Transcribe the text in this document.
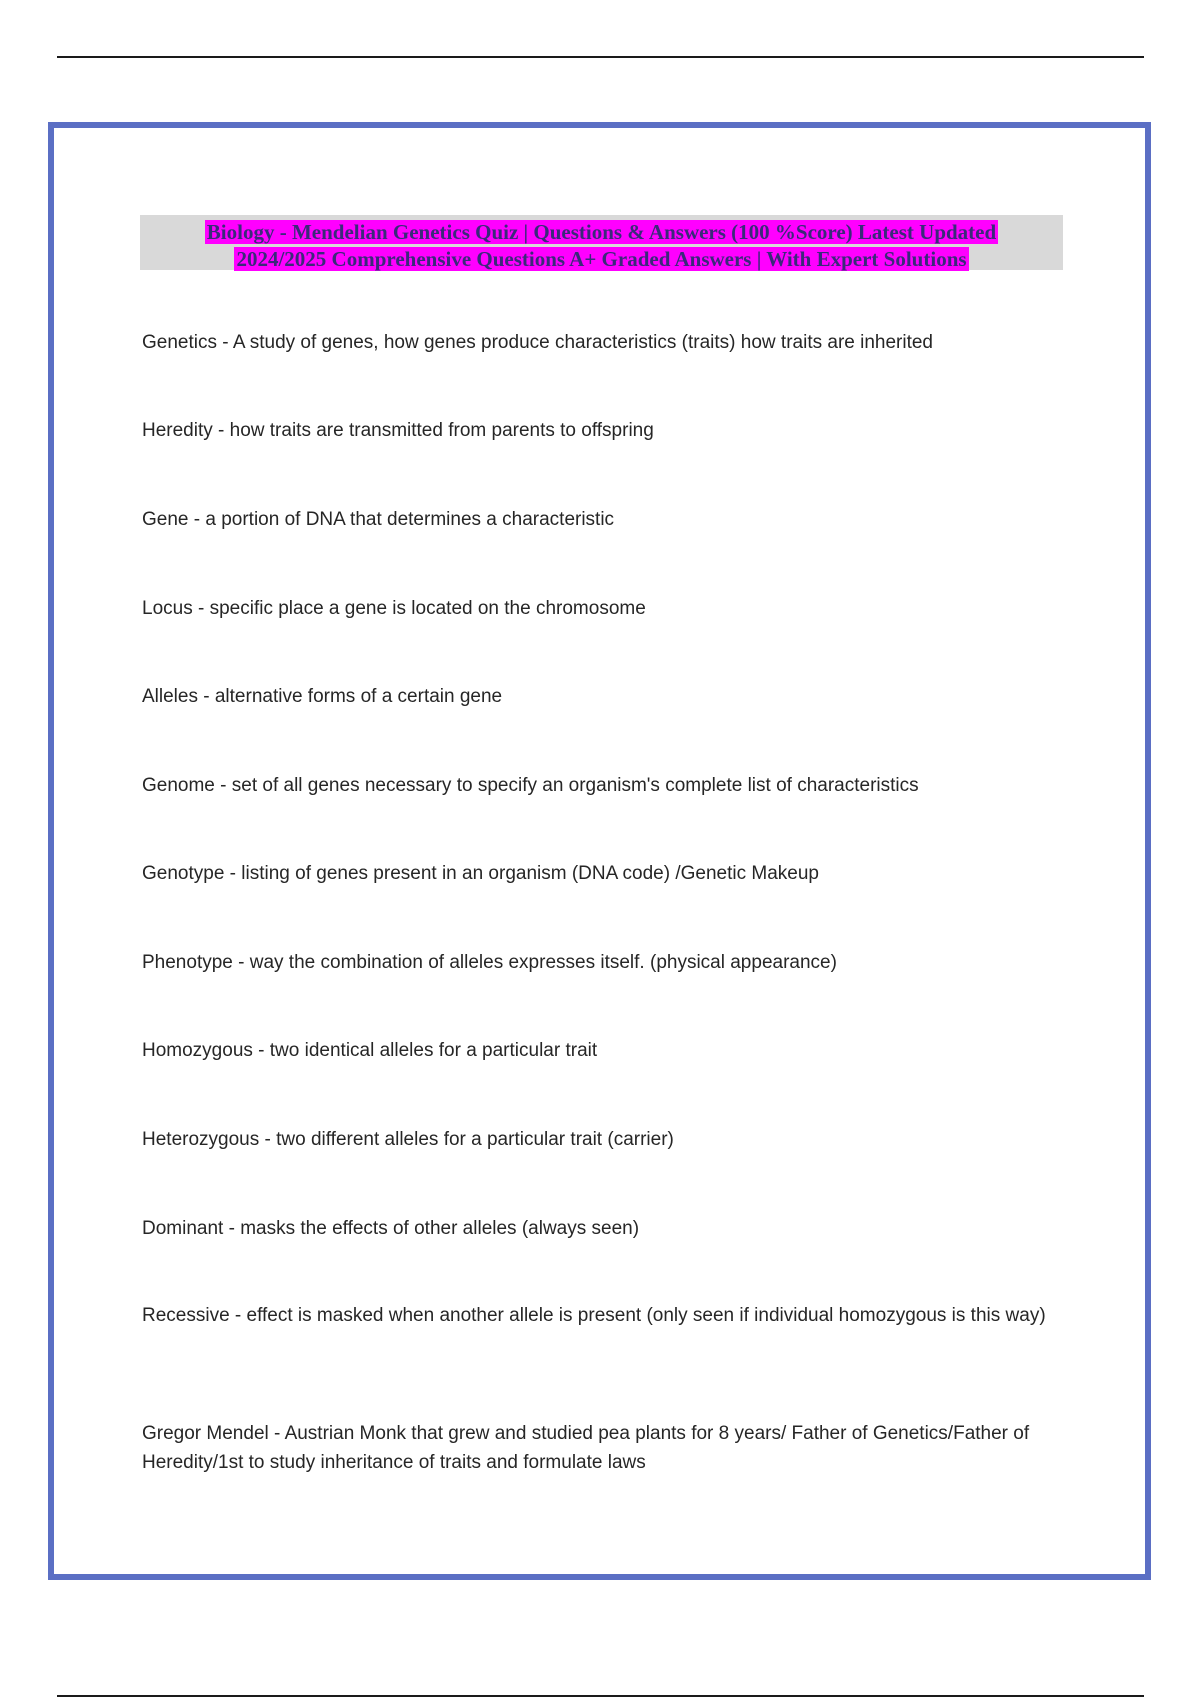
Biology - Mendelian Genetics Quiz | Questions & Answers (100 %Score) Latest Updated
2024/2025 Comprehensive Questions A+ Graded Answers | With Expert Solutions
Genetics - A study of genes, how genes produce characteristics (traits) how traits are inherited
Heredity - how traits are transmitted from parents to offspring
Gene - a portion of DNA that determines a characteristic
Locus - specific place a gene is located on the chromosome
Alleles - alternative forms of a certain gene
Genome - set of all genes necessary to specify an organism's complete list of characteristics
Genotype - listing of genes present in an organism (DNA code) /Genetic Makeup
Phenotype - way the combination of alleles expresses itself. (physical appearance)
Homozygous - two identical alleles for a particular trait
Heterozygous - two different alleles for a particular trait (carrier)
Dominant - masks the effects of other alleles (always seen)
Recessive - effect is masked when another allele is present (only seen if individual homozygous is this way)
Gregor Mendel - Austrian Monk that grew and studied pea plants for 8 years/ Father of Genetics/Father of Heredity/1st to study inheritance of traits and formulate laws
